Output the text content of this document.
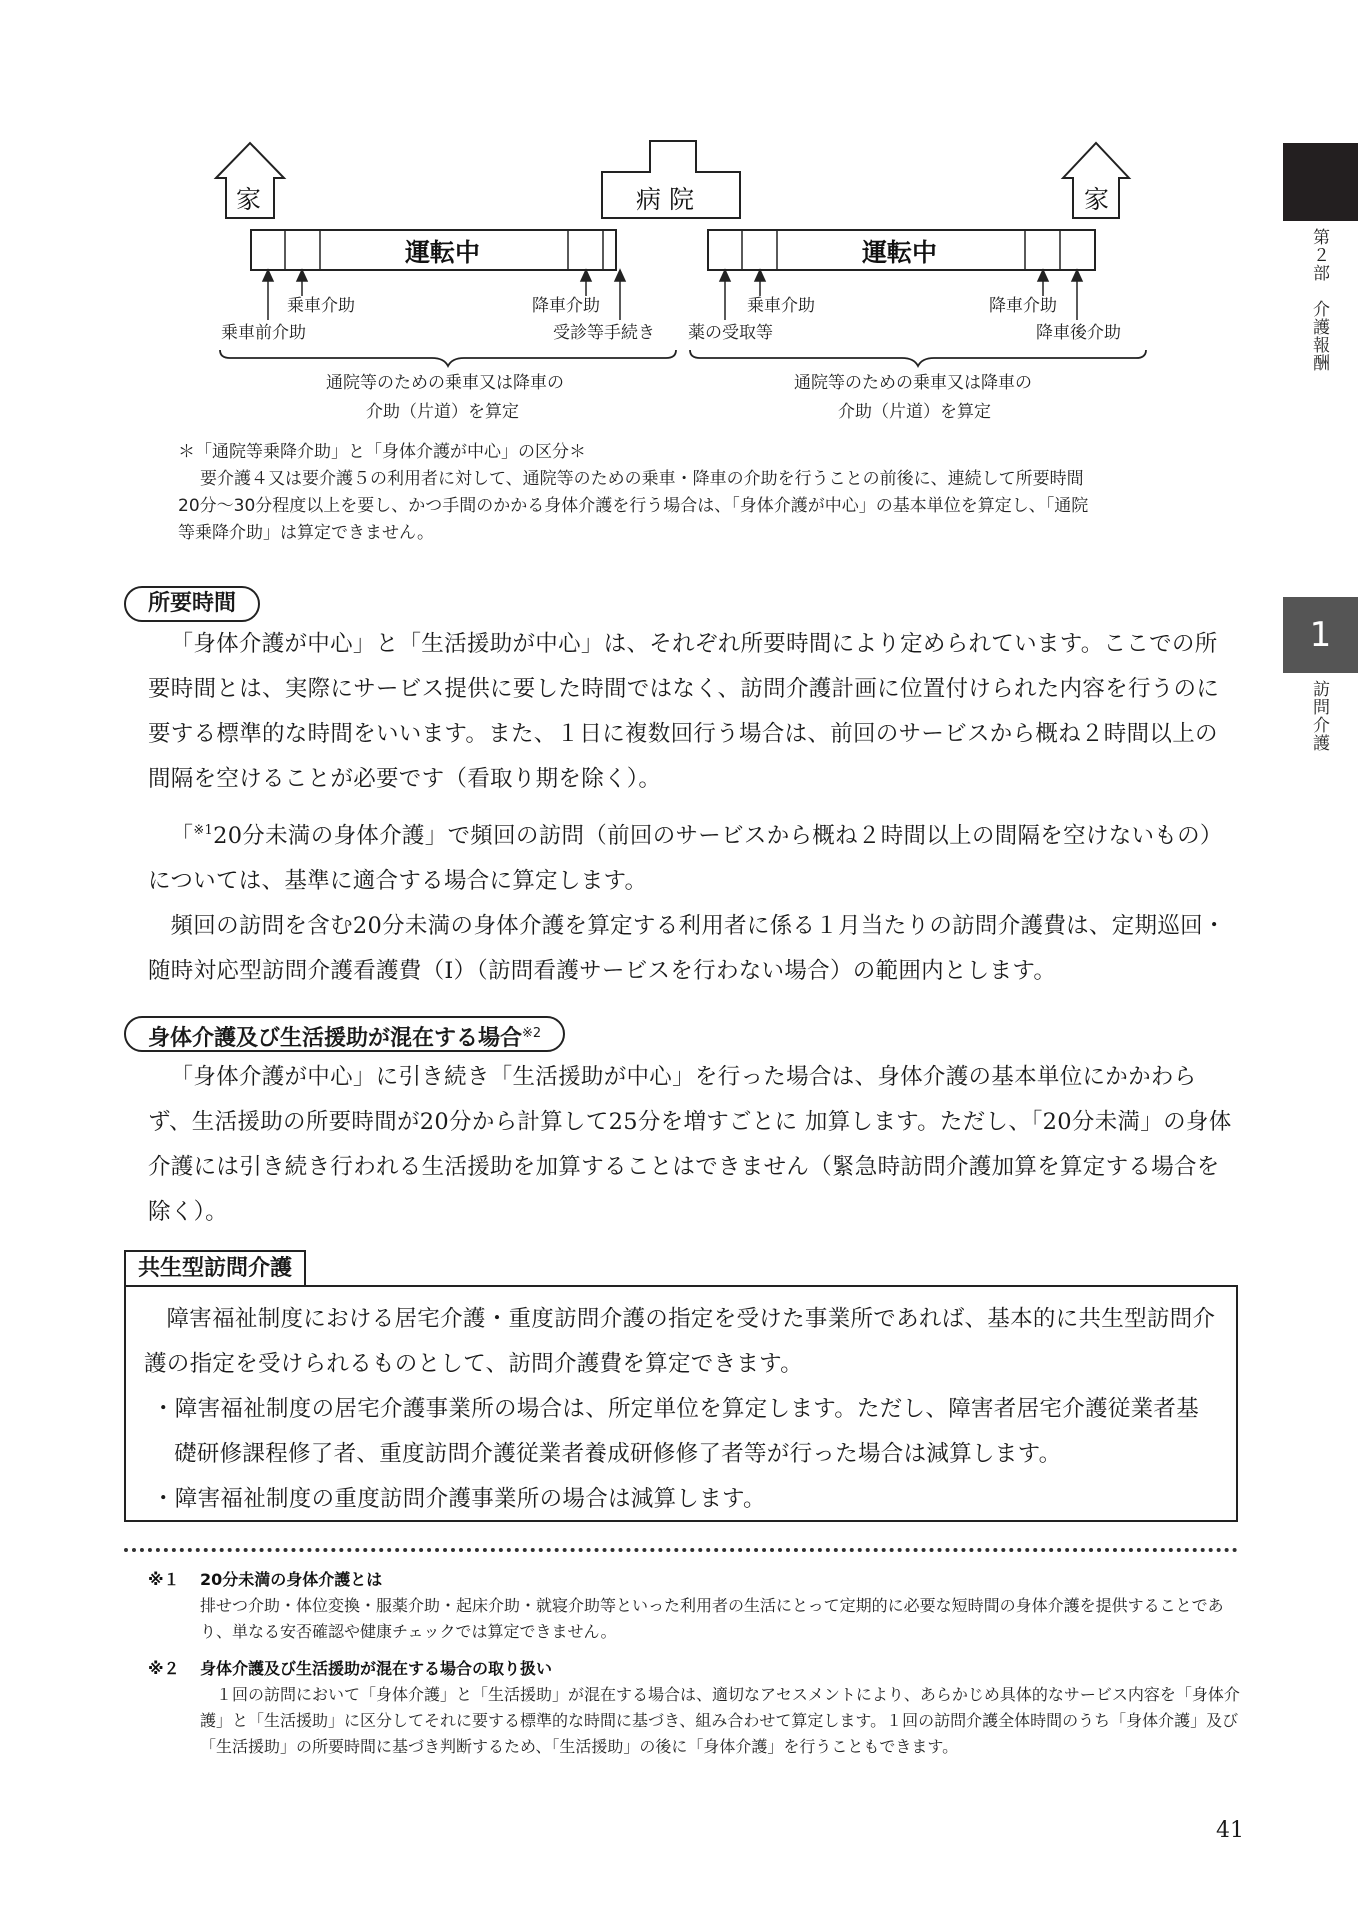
家	病 院	家
運転中	運転中
乗車介助
乗車前介助
降車介助
受診等手続き
乗車介助
薬の受取等
降車介助
降車後介助
通院等のための乗車又は降車の
介助（片道）を算定
通院等のための乗車又は降車の
介助（片道）を算定
＊「通院等乗降介助」と「身体介護が中心」の区分＊
要介護４又は要介護５の利用者に対して、通院等のための乗車・降車の介助を行うことの前後に、連続して所要時間
20分～30分程度以上を要し、かつ手間のかかる身体介護を行う場合は、「身体介護が中心」の基本単位を算定し、「通院
等乗降介助」は算定できません。
所要時間

「身体介護が中心」と「生活援助が中心」は、それぞれ所要時間により定められています。ここでの所要時間とは、実際にサービス提供に要した時間ではなく、訪問介護計画に位置付けられた内容を行うのに要する標準的な時間をいいます。また、１日に複数回行う場合は、前回のサービスから概ね２時間以上の間隔を空けることが必要です（看取り期を除く）。

「$^{※1}$20分未満の身体介護」で頻回の訪問（前回のサービスから概ね２時間以上の間隔を空けないもの）については、基準に適合する場合に算定します。

頻回の訪問を含む20分未満の身体介護を算定する利用者に係る１月当たりの訪問介護費は、定期巡回・随時対応型訪問介護看護費（Ⅰ）（訪問看護サービスを行わない場合）の範囲内とします。

身体介護及び生活援助が混在する場合$^{※2}$

「身体介護が中心」に引き続き「生活援助が中心」を行った場合は、身体介護の基本単位にかかわらず、生活援助の所要時間が20分から計算して25分を増すごとに 加算します。ただし、「20分未満」の身体介護には引き続き行われる生活援助を加算することはできません（緊急時訪問介護加算を算定する場合を除く）。

共生型訪問介護

障害福祉制度における居宅介護・重度訪問介護の指定を受けた事業所であれば、基本的に共生型訪問介護の指定を受けられるものとして、訪問介護費を算定できます。

・障害福祉制度の居宅介護事業所の場合は、所定単位を算定します。ただし、障害者居宅介護従業者基礎研修課程修了者、重度訪問介護従業者養成研修修了者等が行った場合は減算します。

・障害福祉制度の重度訪問介護事業所の場合は減算します。

※１ 20分未満の身体介護とは
排せつ介助・体位変換・服薬介助・起床介助・就寝介助等といった利用者の生活にとって定期的に必要な短時間の身体介護を提供することであり、単なる安否確認や健康チェックでは算定できません。
※２ 身体介護及び生活援助が混在する場合の取り扱い
１回の訪問において「身体介護」と「生活援助」が混在する場合は、適切なアセスメントにより、あらかじめ具体的なサービス内容を「身体介護」と「生活援助」に区分してそれに要する標準的な時間に基づき、組み合わせて算定します。１回の訪問介護全体時間のうち「身体介護」及び「生活援助」の所要時間に基づき判断するため、「生活援助」の後に「身体介護」を行うこともできます。
第２部　介護報酬
1
訪問介護
41
